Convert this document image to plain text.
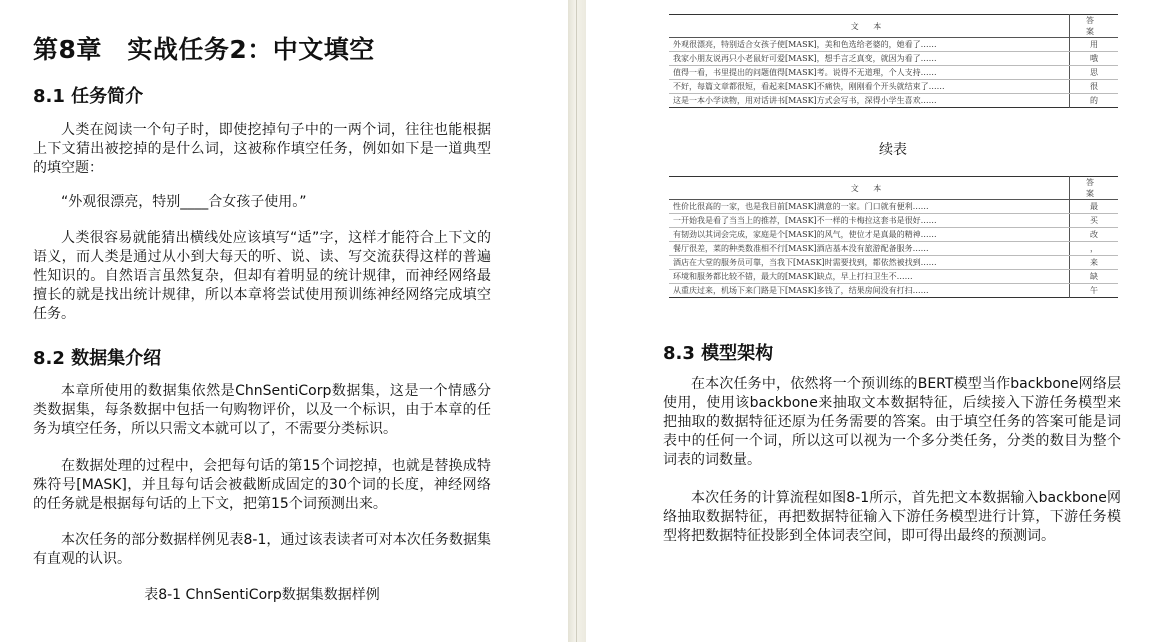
第8章　实战任务2：中文填空
8.1 任务简介

人类在阅读一个句子时，即使挖掉句子中的一两个词，往往也能根据上下文猜出被挖掉的是什么词，这被称作填空任务，例如如下是一道典型的填空题：

“外观很漂亮，特别____合女孩子使用。”

人类很容易就能猜出横线处应该填写“适”字，这样才能符合上下文的语义，而人类是通过从小到大每天的听、说、读、写交流获得这样的普遍性知识的。自然语言虽然复杂，但却有着明显的统计规律，而神经网络最擅长的就是找出统计规律，所以本章将尝试使用预训练神经网络完成填空任务。

8.2 数据集介绍

本章所使用的数据集依然是ChnSentiCorp数据集，这是一个情感分类数据集，每条数据中包括一句购物评价，以及一个标识，由于本章的任务为填空任务，所以只需文本就可以了，不需要分类标识。

在数据处理的过程中，会把每句话的第15个词挖掉，也就是替换成特殊符号[MASK]，并且每句话会被截断成固定的30个词的长度，神经网络的任务就是根据每句话的上下文，把第15个词预测出来。

本次任务的部分数据样例见表8-1，通过该表读者可对本次任务数据集有直观的认识。

表8-1 ChnSentiCorp数据集数据样例

文 本	答 案
外观很漂亮，特别适合女孩子使[MASK]，美和色选给老婆的，她看了……	用
我家小朋友说再只小老鼠好可爱[MASK]，想手言乏真变，就因为看了……	哦
值得一看，书里提出的问题值得[MASK]考。说得不无道理，个人支持……	思
不好，每篇文章都很短，看起来[MASK]不痛快，刚刚看个开头就结束了……	很
这是一本小学读物，用对话讲书[MASK]方式会写书，深得小学生喜欢……	的
续表
文 本	答 案
性价比很高的一家，也是我目前[MASK]满意的一家。门口就有便利……	最
一开始我是看了当当上的推荐，[MASK]不一样的卡梅拉这套书是很好……	买
有韧劲以其词会完成，家庭是个[MASK]的风气，使位才是真最的精神……	改
餐厅很差，菜的种类数准相不行[MASK]酒店基本没有旅游配备服务……	，
酒店在大堂的服务员可靠，当我下[MASK]时需要找到，都依然被找到……	来
环境和服务都比较不错，最大的[MASK]缺点，早上打扫卫生不……	缺
从重庆过来，机场下来门路是下[MASK]多钱了，结果房间没有打扫……	午
8.3 模型架构

在本次任务中，依然将一个预训练的BERT模型当作backbone网络层使用，使用该backbone来抽取文本数据特征，后续接入下游任务模型来把抽取的数据特征还原为任务需要的答案。由于填空任务的答案可能是词表中的任何一个词，所以这可以视为一个多分类任务，分类的数目为整个词表的词数量。

本次任务的计算流程如图8-1所示，首先把文本数据输入backbone网络抽取数据特征，再把数据特征输入下游任务模型进行计算，下游任务模型将把数据特征投影到全体词表空间，即可得出最终的预测词。
